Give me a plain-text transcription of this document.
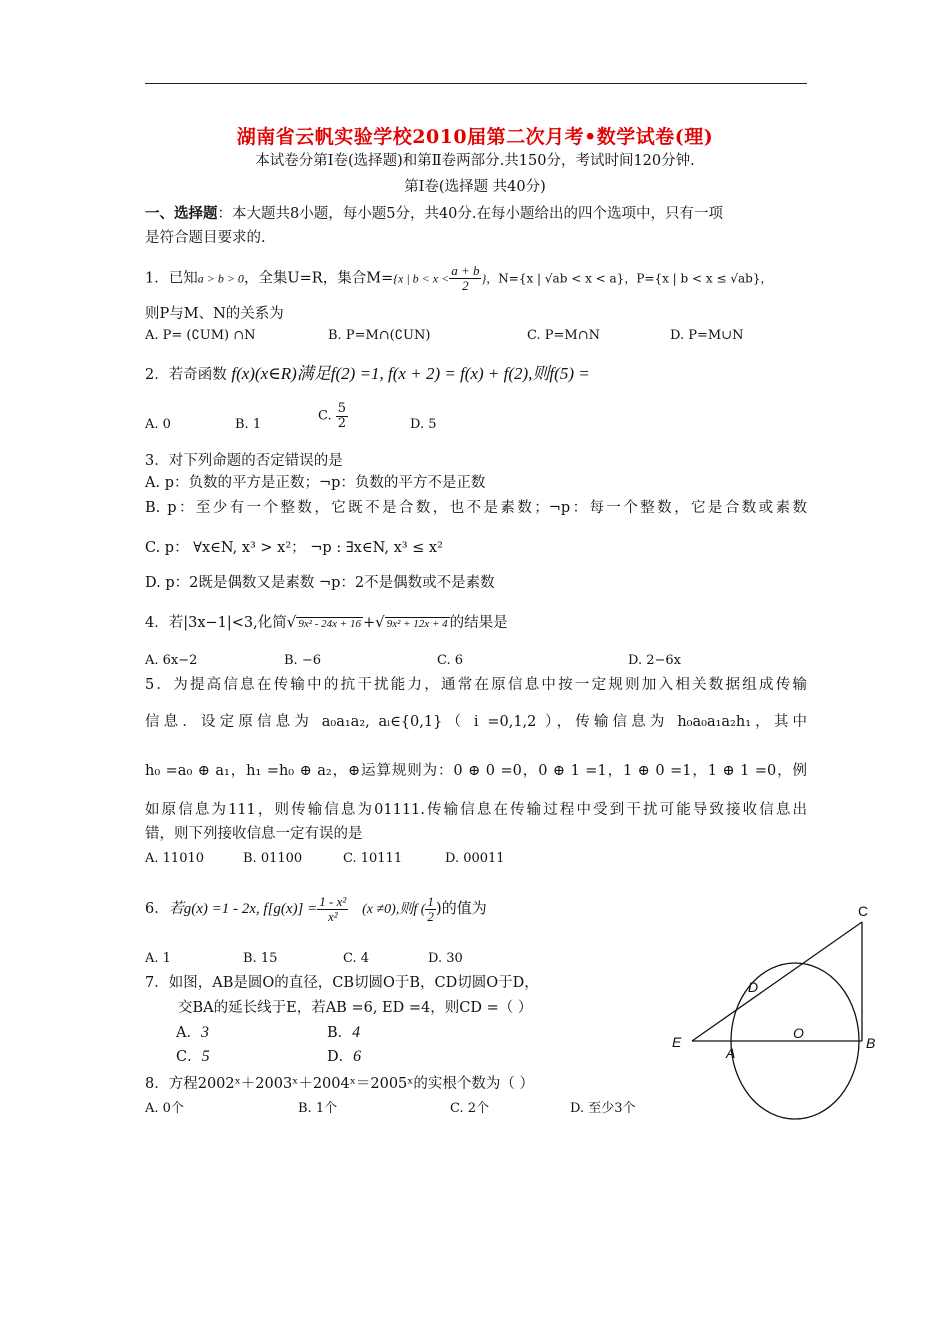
湖南省云帆实验学校2010届第二次月考•数学试卷(理)
本试卷分第Ⅰ卷(选择题)和第Ⅱ卷两部分.共150分，考试时间120分钟.
第Ⅰ卷(选择题 共40分)
一、选择题：本大题共8小题，每小题5分，共40分.在每小题给出的四个选项中，只有一项
是符合题目要求的.
1．已知a > b > 0，全集U=R，集合M={x | $b < x < \frac{a + b}{2}$ }，N={x | √ab < x < a}，P={x | b < x ≤ √ab}，
则P与M、N的关系为
A. P= (∁UM) ∩N	B. P=M∩(∁UN)	C. P=M∩N	D. P=M∪N
2．若奇函数 f(x)(x∈R)满足f(2) =1, f(x + 2) = f(x) + f(2),则f(5) =
A. 0	B. 1
C. $\frac{5}{2}$	D. 5
3．对下列命题的否定错误的是
A. p：负数的平方是正数；¬p：负数的平方不是正数
B. p：至少有一个整数，它既不是合数，也不是素数；¬p：每一个整数，它是合数或素数
C. p： ∀x∈N, x³ > x²； ¬p : ∃x∈N, x³ ≤ x²
D. p：2既是偶数又是素数 ¬p：2不是偶数或不是素数
4．若|3x−1|<3,化简√ 9x² - 24x + 16 +√ 9x² + 12x + 4 的结果是
A. 6x−2	B. −6	C. 6	D. 2−6x
5．为提高信息在传输中的抗干扰能力，通常在原信息中按一定规则加入相关数据组成传输
信息．设定原信息为 a₀a₁a₂, aᵢ∈{0,1}（ i =0,1,2 ），传输信息为 h₀a₀a₁a₂h₁，其中
h₀ =a₀ ⊕ a₁，h₁ =h₀ ⊕ a₂，⊕运算规则为：0 ⊕ 0 =0，0 ⊕ 1 =1，1 ⊕ 0 =1，1 ⊕ 1 =0，例
如原信息为111，则传输信息为01111.传输信息在传输过程中受到干扰可能导致接收信息出
错，则下列接收信息一定有误的是
A. 11010	B. 01100	C. 10111	D. 00011
6．若g(x) =1 - 2x, $f[g(x)] = \frac{\text{1 - x²}}{\text{x²}} (x \ne 0)$,则f ( $\frac{1}{2}$ )的值为
A. 1	B. 15	C. 4	D. 30
7．如图，AB是圆O的直径，CB切圆O于B，CD切圆O于D，
交BA的延长线于E，若AB =6, ED =4，则CD =（ ）
A．3	B．4
C．5	D．6
8．方程2002ˣ＋2003ˣ＋2004ˣ＝2005ˣ的实根个数为（ ）
A. 0个	B. 1个	C. 2个	D. 至少3个
C
D
O
E
A
B
